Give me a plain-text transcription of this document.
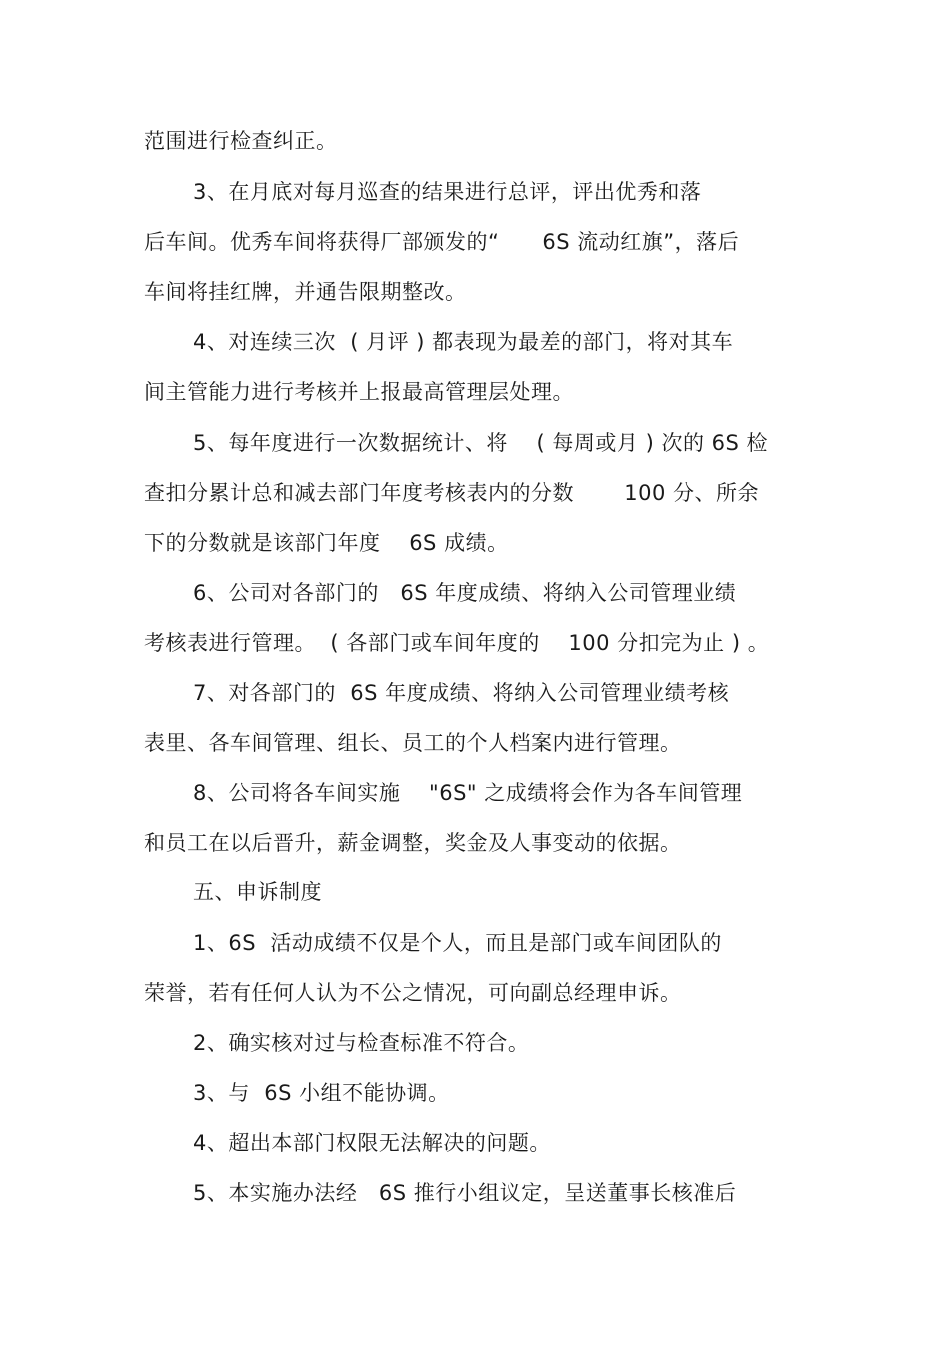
范围进行检查纠正。
3、在月底对每月巡查的结果进行总评，评出优秀和落
后车间。优秀车间将获得厂部颁发的“      6S 流动红旗”，落后
车间将挂红牌，并通告限期整改。
4、对连续三次  ( 月评 ) 都表现为最差的部门，将对其车
间主管能力进行考核并上报最高管理层处理。
5、每年度进行一次数据统计、将    ( 每周或月 ) 次的 6S 检
查扣分累计总和减去部门年度考核表内的分数       100 分、所余
下的分数就是该部门年度    6S 成绩。
6、公司对各部门的   6S 年度成绩、将纳入公司管理业绩
考核表进行管理。  ( 各部门或车间年度的    100 分扣完为止 ) 。
7、对各部门的  6S 年度成绩、将纳入公司管理业绩考核
表里、各车间管理、组长、员工的个人档案内进行管理。
8、公司将各车间实施    "6S" 之成绩将会作为各车间管理
和员工在以后晋升，薪金调整，奖金及人事变动的依据。
五、申诉制度
1、6S  活动成绩不仅是个人，而且是部门或车间团队的
荣誉，若有任何人认为不公之情况，可向副总经理申诉。
2、确实核对过与检查标准不符合。
3、与  6S 小组不能协调。
4、超出本部门权限无法解决的问题。
5、本实施办法经   6S 推行小组议定，呈送董事长核准后
